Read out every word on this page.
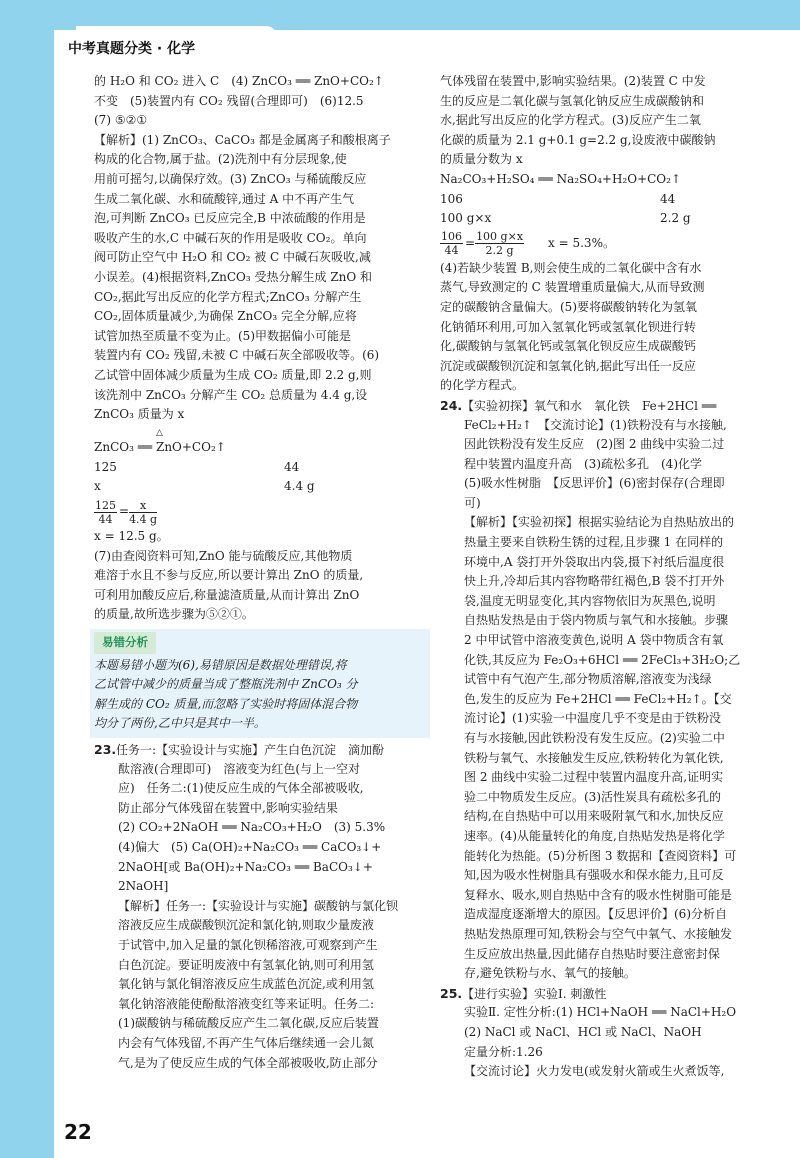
中考真题分类 · 化学
的 H₂O 和 CO₂ 进入 C　(4) ZnCO₃ ══ ZnO+CO₂↑
不变　(5)装置内有 CO₂ 残留(合理即可)　(6)12.5
(7) ⑤②①
【解析】(1) ZnCO₃、CaCO₃ 都是金属离子和酸根离子
构成的化合物,属于盐。(2)洗剂中有分层现象,使
用前可摇匀,以确保疗效。(3) ZnCO₃ 与稀硫酸反应
生成二氧化碳、水和硫酸锌,通过 A 中不再产生气
泡,可判断 ZnCO₃ 已反应完全,B 中浓硫酸的作用是
吸收产生的水,C 中碱石灰的作用是吸收 CO₂。单向
阀可防止空气中 H₂O 和 CO₂ 被 C 中碱石灰吸收,减
小误差。(4)根据资料,ZnCO₃ 受热分解生成 ZnO 和
CO₂,据此写出反应的化学方程式;ZnCO₃ 分解产生
CO₂,固体质量减少,为确保 ZnCO₃ 完全分解,应将
试管加热至质量不变为止。(5)甲数据偏小可能是
装置内有 CO₂ 残留,未被 C 中碱石灰全部吸收等。(6)
乙试管中固体减少质量为生成 CO₂ 质量,即 2.2 g,则
该洗剂中 ZnCO₃ 分解产生 CO₂ 总质量为 4.4 g,设
ZnCO₃ 质量为 x
△
ZnCO₃ ══ ZnO+CO₂↑
125	44
x	4.4 g
$\frac{125}{44} = \frac{x}{4.4 g}$
x = 12.5 g。
(7)由查阅资料可知,ZnO 能与硫酸反应,其他物质
难溶于水且不参与反应,所以要计算出 ZnO 的质量,
可利用加酸反应后,称量滤渣质量,从而计算出 ZnO
的质量,故所选步骤为⑤②①。
易错分析
本题易错小题为(6),易错原因是数据处理错误,将
乙试管中减少的质量当成了整瓶洗剂中 ZnCO₃ 分
解生成的 CO₂ 质量,而忽略了实验时将固体混合物
均分了两份,乙中只是其中一半。
23.任务一:【实验设计与实施】产生白色沉淀　滴加酚
酞溶液(合理即可)　溶液变为红色(与上一空对
应)　任务二:(1)使反应生成的气体全部被吸收,
防止部分气体残留在装置中,影响实验结果
(2) CO₂+2NaOH ══ Na₂CO₃+H₂O　(3) 5.3%
(4)偏大　(5) Ca(OH)₂+Na₂CO₃ ══ CaCO₃↓+
2NaOH[或 Ba(OH)₂+Na₂CO₃ ══ BaCO₃↓+
2NaOH]
【解析】任务一:【实验设计与实施】碳酸钠与氯化钡
溶液反应生成碳酸钡沉淀和氯化钠,则取少量废液
于试管中,加入足量的氯化钡稀溶液,可观察到产生
白色沉淀。要证明废液中有氢氧化钠,则可利用氢
氧化钠与氯化铜溶液反应生成蓝色沉淀,或利用氢
氧化钠溶液能使酚酞溶液变红等来证明。任务二:
(1)碳酸钠与稀硫酸反应产生二氧化碳,反应后装置
内会有气体残留,不再产生气体后继续通一会儿氮
气,是为了使反应生成的气体全部被吸收,防止部分
气体残留在装置中,影响实验结果。(2)装置 C 中发
生的反应是二氧化碳与氢氧化钠反应生成碳酸钠和
水,据此写出反应的化学方程式。(3)反应产生二氧
化碳的质量为 2.1 g+0.1 g=2.2 g,设废液中碳酸钠
的质量分数为 x
Na₂CO₃+H₂SO₄ ══ Na₂SO₄+H₂O+CO₂↑
106	44
100 g×x	2.2 g
$\frac{106}{44} = \frac{100 g\times x}{2.2 g}$ x = 5.3%。
(4)若缺少装置 B,则会使生成的二氧化碳中含有水
蒸气,导致测定的 C 装置增重质量偏大,从而导致测
定的碳酸钠含量偏大。(5)要将碳酸钠转化为氢氧
化钠循环利用,可加入氢氧化钙或氢氧化钡进行转
化,碳酸钠与氢氧化钙或氢氧化钡反应生成碳酸钙
沉淀或碳酸钡沉淀和氢氧化钠,据此写出任一反应
的化学方程式。
24.【实验初探】氧气和水　氧化铁　Fe+2HCl ══
FeCl₂+H₂↑　【交流讨论】(1)铁粉没有与水接触,
因此铁粉没有发生反应　(2)图 2 曲线中实验二过
程中装置内温度升高　(3)疏松多孔　(4)化学
(5)吸水性树脂　【反思评价】(6)密封保存(合理即
可)
【解析】【实验初探】根据实验结论为自热贴放出的
热量主要来自铁粉生锈的过程,且步骤 1 在同样的
环境中,A 袋打开外袋取出内袋,摄下衬纸后温度很
快上升,冷却后其内容物略带红褐色,B 袋不打开外
袋,温度无明显变化,其内容物依旧为灰黑色,说明
自热贴发热是由于袋内物质与氧气和水接触。步骤
2 中甲试管中溶液变黄色,说明 A 袋中物质含有氧
化铁,其反应为 Fe₂O₃+6HCl ══ 2FeCl₃+3H₂O;乙
试管中有气泡产生,部分物质溶解,溶液变为浅绿
色,发生的反应为 Fe+2HCl ══ FeCl₂+H₂↑。【交
流讨论】(1)实验一中温度几乎不变是由于铁粉没
有与水接触,因此铁粉没有发生反应。(2)实验二中
铁粉与氧气、水接触发生反应,铁粉转化为氧化铁,
图 2 曲线中实验二过程中装置内温度升高,证明实
验二中物质发生反应。(3)活性炭具有疏松多孔的
结构,在自热贴中可以用来吸附氧气和水,加快反应
速率。(4)从能量转化的角度,自热贴发热是将化学
能转化为热能。(5)分析图 3 数据和【查阅资料】可
知,因为吸水性树脂具有强吸水和保水能力,且可反
复释水、吸水,则自热贴中含有的吸水性树脂可能是
造成湿度逐渐增大的原因。【反思评价】(6)分析自
热贴发热原理可知,铁粉会与空气中氧气、水接触发
生反应放出热量,因此储存自热贴时要注意密封保
存,避免铁粉与水、氧气的接触。
25.【进行实验】实验Ⅰ. 刺激性
实验Ⅱ. 定性分析:(1) HCl+NaOH ══ NaCl+H₂O
(2) NaCl 或 NaCl、HCl 或 NaCl、NaOH
定量分析:1.26
【交流讨论】火力发电(或发射火箭或生火煮饭等,
22
